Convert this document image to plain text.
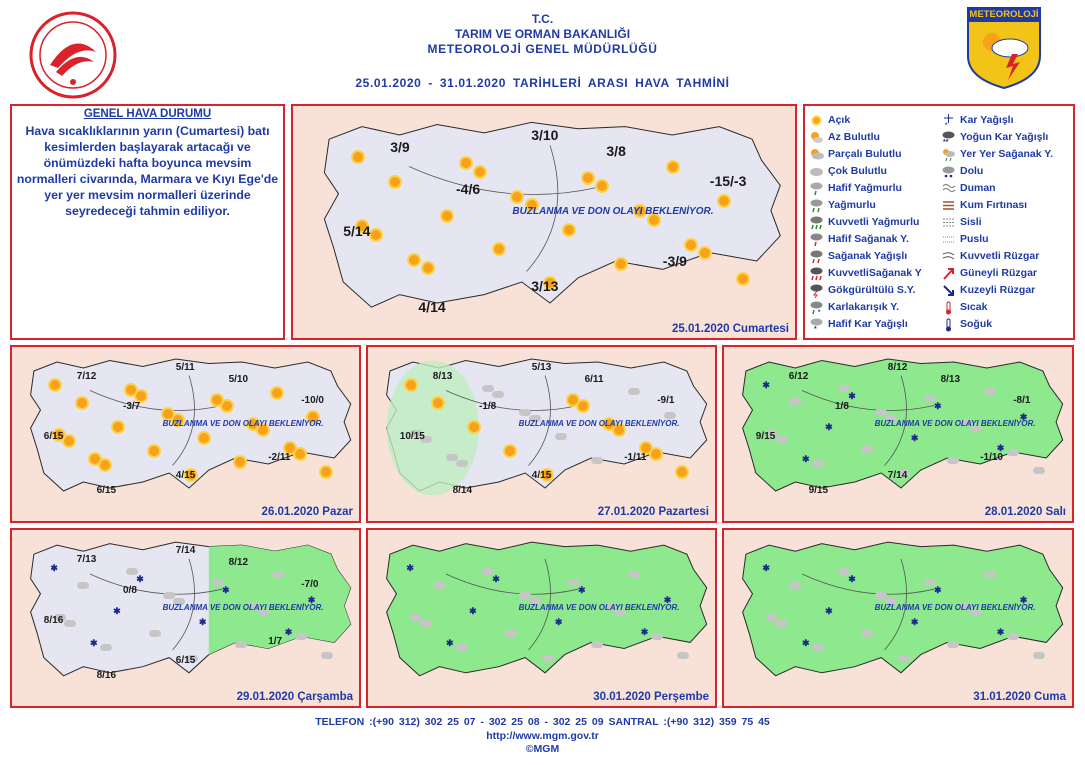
T.C.
TARIM VE ORMAN BAKANLIĞI
METEOROLOJİ GENEL MÜDÜRLÜĞÜ
25.01.2020 - 31.01.2020 TARİHLERİ ARASI HAVA TAHMİNİ
METEOROLOJİ
GENEL HAVA DURUMU
Hava sıcaklıklarının yarın (Cumartesi) batı kesimlerden başlayarak artacağı ve önümüzdeki hafta boyunca mevsim normalleri civarında, Marmara ve Kıyı Ege'de yer yer mevsim normalleri üzerinde seyredeceği tahmin ediliyor.
3/9
3/10
3/8
-4/6
-15/-3
5/14
-3/9
3/13
4/14
BUZLANMA VE DON OLAYI BEKLENİYOR.
25.01.2020 Cumartesi
Açık	* Kar Yağışlı
Az Bulutlu	** Yoğun Kar Yağışlı
Parçalı Bulutlu	Yer Yer Sağanak Y.
Çok Bulutlu	Dolu
Hafif Yağmurlu	Duman
Yağmurlu	Kum Fırtınası
Kuvvetli Yağmurlu	Sisli
Hafif Sağanak Y.	Puslu
Sağanak Yağışlı	Kuvvetli Rüzgar
KuvvetliSağanak Y	Güneyli Rüzgar
Gökgürültülü S.Y.	Kuzeyli Rüzgar
* Karlakarışık Y.	Sıcak
* Hafif Kar Yağışlı	Soğuk
7/12
5/11
5/10
-3/7
-10/0
6/15
-2/11
4/15
6/15
BUZLANMA VE DON OLAYI BEKLENİYOR.
26.01.2020 Pazar
8/13
5/13
6/11
-1/8
-9/1
10/15
-1/11
4/15
8/14
BUZLANMA VE DON OLAYI BEKLENİYOR.
27.01.2020 Pazartesi
✱
✱
✱
✱
✱
✱
✱
✱
6/12
8/12
8/13
1/8
-8/1
9/15
-1/10
7/14
9/15
BUZLANMA VE DON OLAYI BEKLENİYOR.
28.01.2020 Salı
✱
✱
✱
✱
✱
✱
✱
✱
7/13
7/14
8/12
0/8
-7/0
8/16
1/7
6/15
8/16
BUZLANMA VE DON OLAYI BEKLENİYOR.
29.01.2020 Çarşamba
✱
✱
✱
✱
✱
✱
✱
✱
BUZLANMA VE DON OLAYI BEKLENİYOR.
30.01.2020 Perşembe
✱
✱
✱
✱
✱
✱
✱
✱
BUZLANMA VE DON OLAYI BEKLENİYOR.
31.01.2020 Cuma
TELEFON :(+90 312) 302 25 07 - 302 25 08 - 302 25 09 SANTRAL :(+90 312) 359 75 45
http://www.mgm.gov.tr
©MGM
